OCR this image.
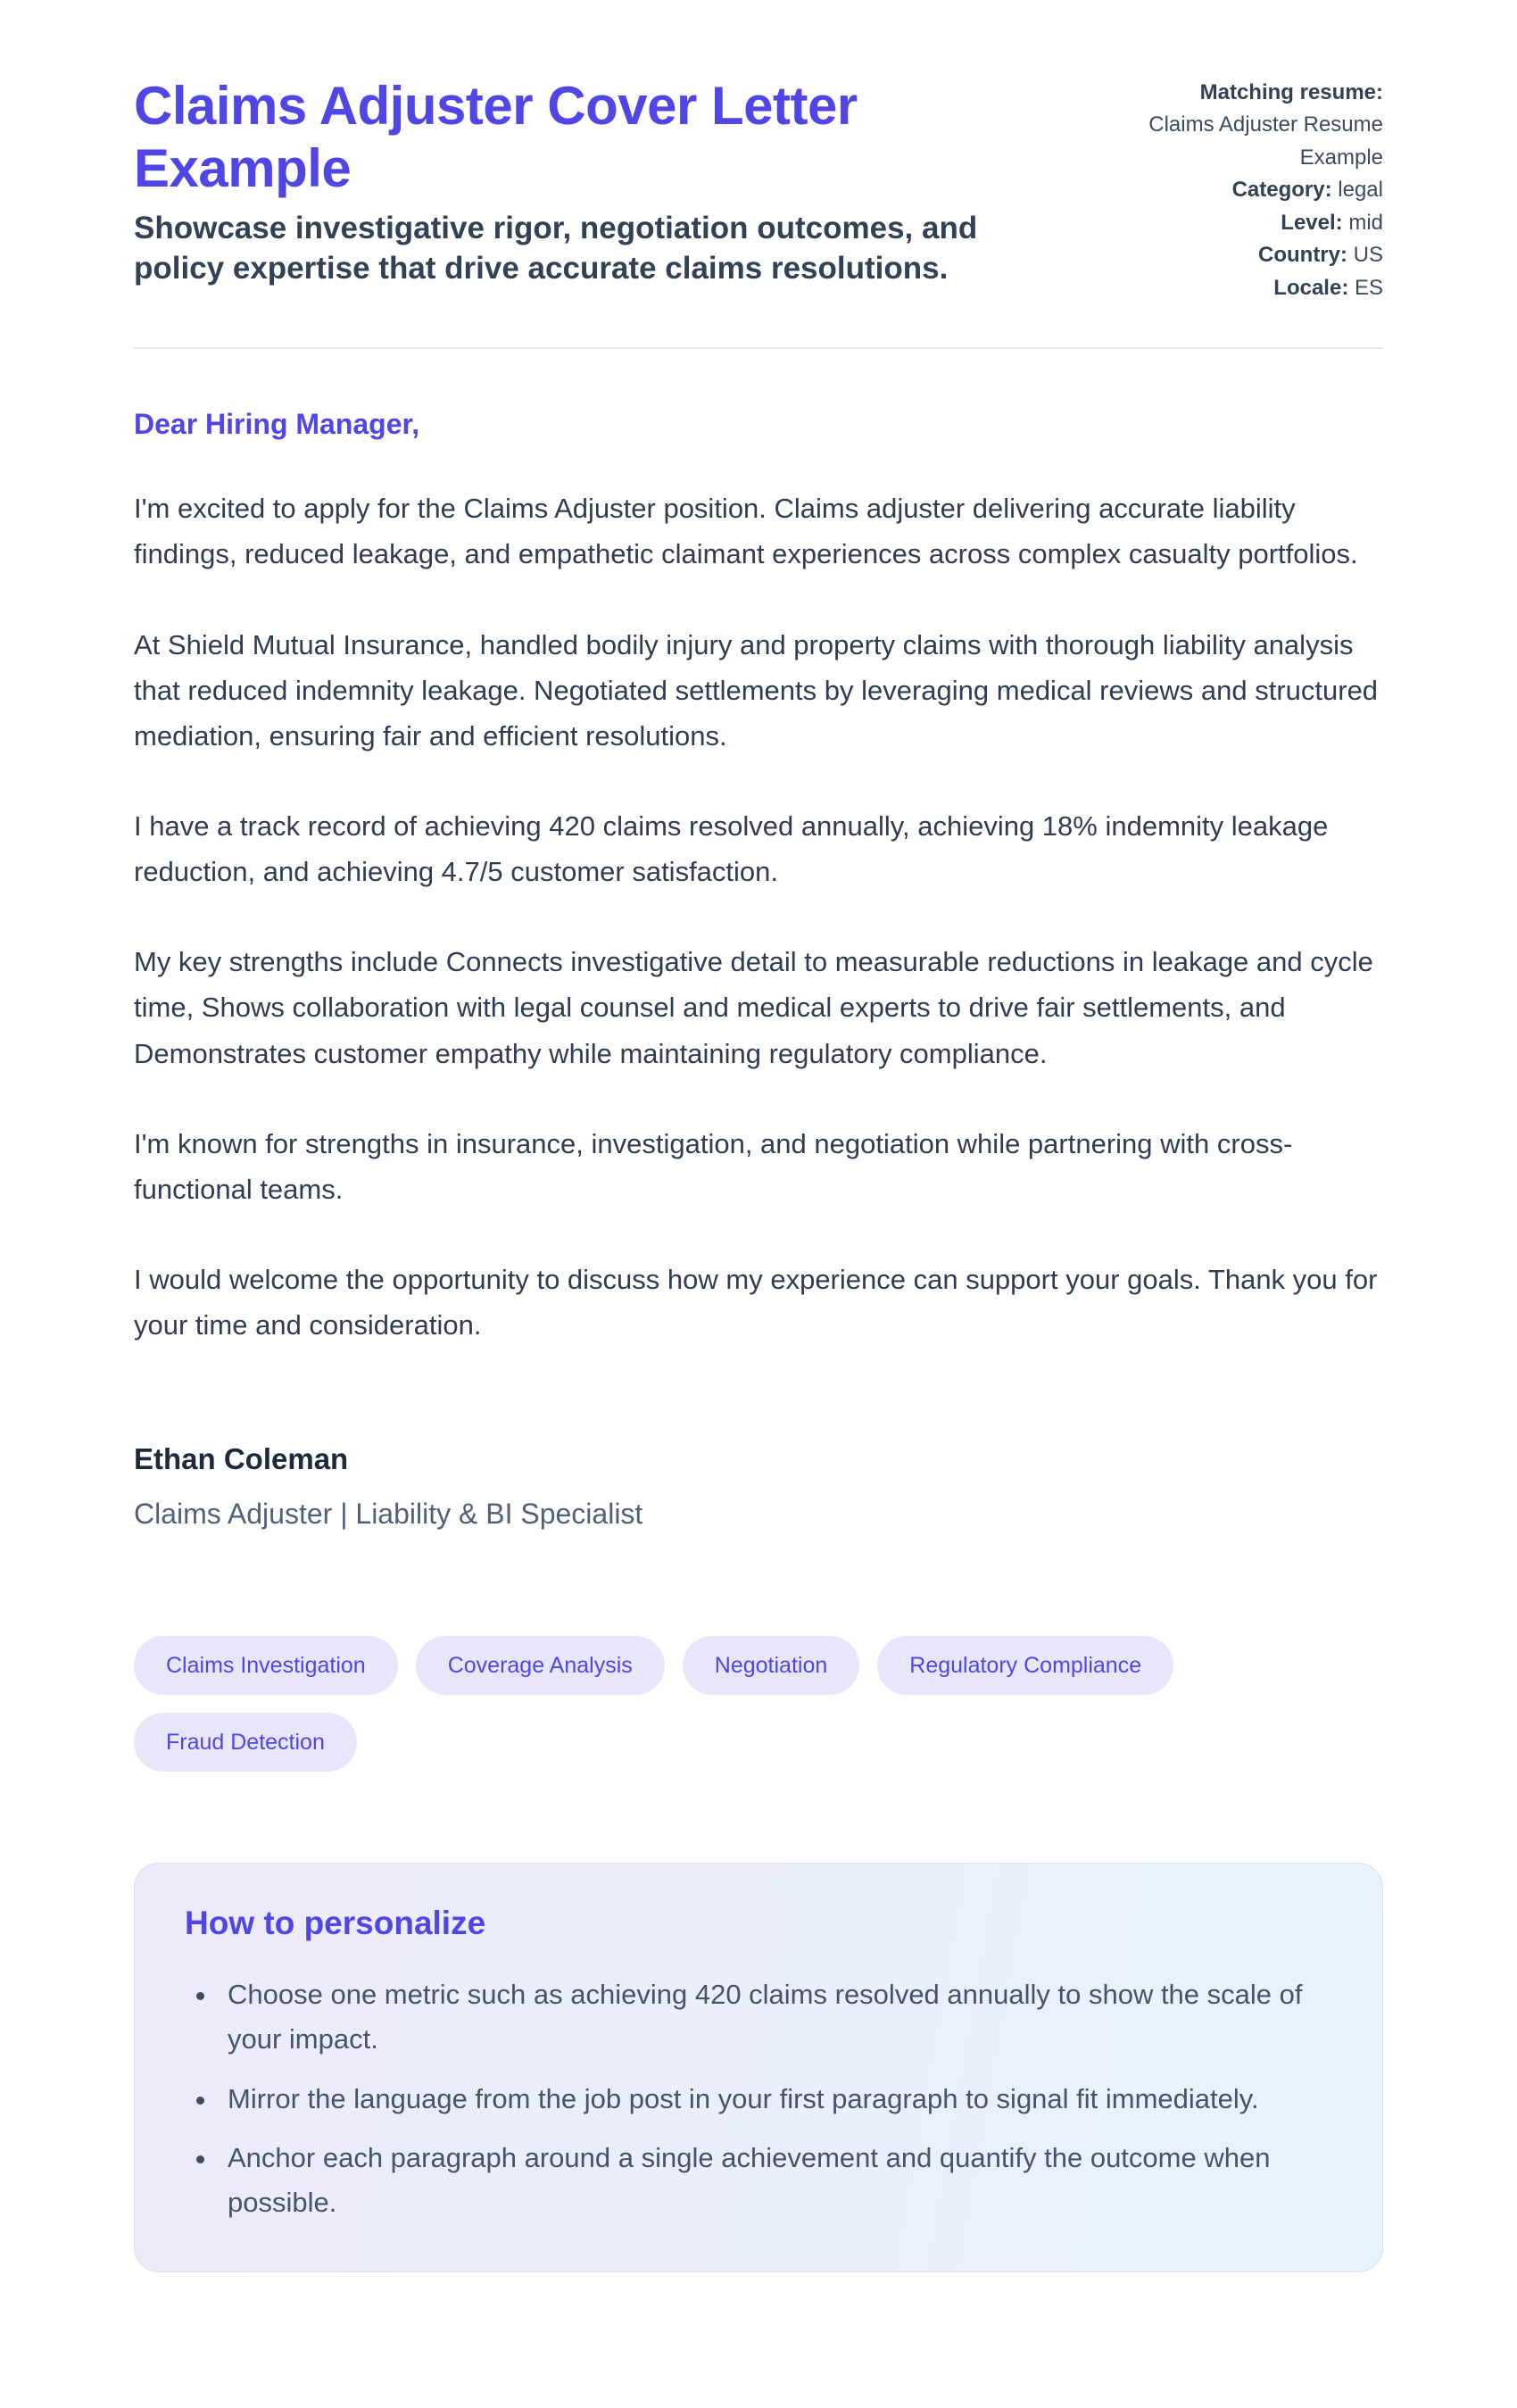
Claims Adjuster Cover Letter Example

Showcase investigative rigor, negotiation outcomes, and policy expertise that drive accurate claims resolutions.

Matching resume:
Claims Adjuster Resume Example
Category: legal
Level: mid
Country: US
Locale: ES

Dear Hiring Manager,

I'm excited to apply for the Claims Adjuster position. Claims adjuster delivering accurate liability findings, reduced leakage, and empathetic claimant experiences across complex casualty portfolios.

At Shield Mutual Insurance, handled bodily injury and property claims with thorough liability analysis that reduced indemnity leakage. Negotiated settlements by leveraging medical reviews and structured mediation, ensuring fair and efficient resolutions.

I have a track record of achieving 420 claims resolved annually, achieving 18% indemnity leakage reduction, and achieving 4.7/5 customer satisfaction.

My key strengths include Connects investigative detail to measurable reductions in leakage and cycle time, Shows collaboration with legal counsel and medical experts to drive fair settlements, and Demonstrates customer empathy while maintaining regulatory compliance.

I'm known for strengths in insurance, investigation, and negotiation while partnering with cross-functional teams.

I would welcome the opportunity to discuss how my experience can support your goals. Thank you for your time and consideration.

Ethan Coleman

Claims Adjuster | Liability & BI Specialist

Claims Investigation	Coverage Analysis	Negotiation	Regulatory Compliance
Fraud Detection
How to personalize
• Choose one metric such as achieving 420 claims resolved annually to show the scale of your impact.
• Mirror the language from the job post in your first paragraph to signal fit immediately.
• Anchor each paragraph around a single achievement and quantify the outcome when possible.
